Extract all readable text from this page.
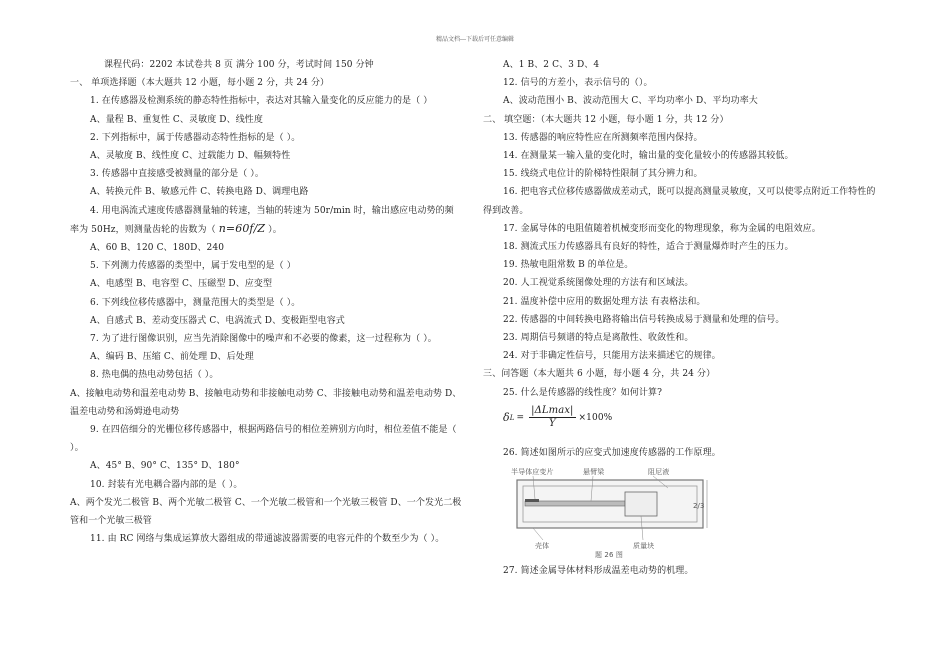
精品文档---下载后可任意编辑

课程代码：2202 本试卷共 8 页 满分 100 分，考试时间 150 分钟

一、 单项选择题（本大题共 12 小题，每小题 2 分，共 24 分）

1. 在传感器及检测系统的静态特性指标中，表达对其输入量变化的反应能力的是（ ）

A、量程 B、重复性 C、灵敏度 D、线性度

2. 下列指标中，属于传感器动态特性指标的是（ ）。

A、灵敏度 B、线性度 C、过载能力 D、幅频特性

3. 传感器中直接感受被测量的部分是（ ）。

A、转换元件 B、敏感元件 C、转换电路 D、调理电路

4. 用电涡流式速度传感器测量轴的转速，当轴的转速为 50r/min 时，输出感应电动势的频率为 50Hz，则测量齿轮的齿数为（ n=60f/Z ）。

A、60 B、120 C、180D、240

5. 下列测力传感器的类型中，属于发电型的是（ ）

A、电感型 B、电容型 C、压磁型 D、应变型

6. 下列线位移传感器中，测量范围大的类型是（ ）。

A、自感式 B、差动变压器式 C、电涡流式 D、变极距型电容式

7. 为了进行图像识别，应当先消除图像中的噪声和不必要的像素，这一过程称为（ ）。

A、编码 B、压缩 C、前处理 D、后处理

8. 热电偶的热电动势包括（ ）。

A、接触电动势和温差电动势 B、接触电动势和非接触电动势 C、非接触电动势和温差电动势 D、温差电动势和汤姆逊电动势

9. 在四倍细分的光栅位移传感器中，根据两路信号的相位差辨别方向时，相位差值不能是（ ）。

A、45° B、90° C、135° D、180°

10. 封装有光电耦合器内部的是（ ）。

A、两个发光二极管 B、两个光敏二极管 C、一个光敏二极管和一个光敏三极管 D、一个发光二极管和一个光敏三极管

11. 由 RC 网络与集成运算放大器组成的带通滤波器需要的电容元件的个数至少为（ ）。

A、1 B、2 C、3 D、4

12. 信号的方差小，表示信号的（）。

A、波动范围小 B、波动范围大 C、平均功率小 D、平均功率大

二、 填空题：（本大题共 12 小题，每小题 1 分，共 12 分）

13. 传感器的响应特性应在所测频率范围内保持。

14. 在测量某一输入量的变化时，输出量的变化量较小的传感器其较低。

15. 线绕式电位计的阶梯特性限制了其分辨力和。

16. 把电容式位移传感器做成差动式，既可以提高测量灵敏度，又可以使零点附近工作特性的得到改善。

17. 金属导体的电阻值随着机械变形而变化的物理现象，称为金属的电阻效应。

18. 测流式压力传感器具有良好的特性，适合于测量爆炸时产生的压力。

19. 热敏电阻常数 B 的单位是。

20. 人工视觉系统图像处理的方法有和区域法。

21. 温度补偿中应用的数据处理方法 有表格法和。

22. 传感器的中间转换电路将输出信号转换成易于测量和处理的信号。

23. 周期信号频谱的特点是离散性、收敛性和。

24. 对于非确定性信号，只能用方法来描述它的规律。

三、问答题（本大题共 6 小题，每小题 4 分，共 24 分）

25. 什么是传感器的线性度？如何计算?

δ $L = \frac{|\Delta Lmax|}{Y} \times 100\%$

26. 简述如图所示的应变式加速度传感器的工作原理。

半导体应变片	悬臂梁	阻尼液
壳体	质量块
题 26 图
2/3

27. 简述金属导体材料形成温差电动势的机理。
